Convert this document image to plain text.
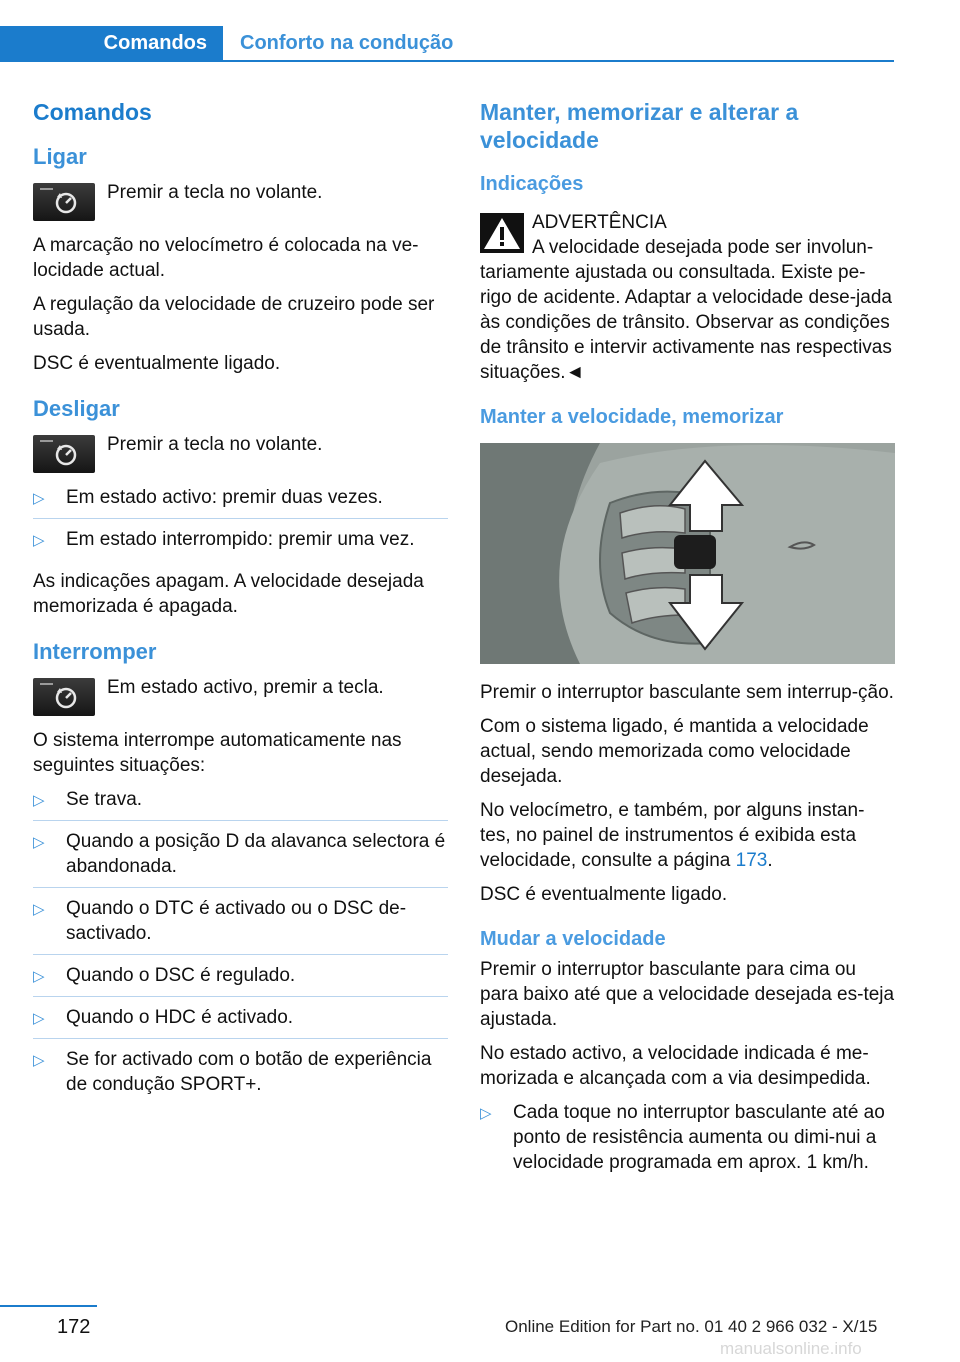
Comandos	Conforto na condução
Comandos
Ligar
Premir a tecla no volante.

A marcação no velocímetro é colocada na ve-locidade actual.

A regulação da velocidade de cruzeiro pode ser usada.

DSC é eventualmente ligado.

Desligar
Premir a tecla no volante.
▷ Em estado activo: premir duas vezes.
▷ Em estado interrompido: premir uma vez.

As indicações apagam. A velocidade desejada memorizada é apagada.

Interromper
Em estado activo, premir a tecla.

O sistema interrompe automaticamente nas seguintes situações:

▷ Se trava.
▷ Quando a posição D da alavanca selectora é abandonada.
▷ Quando o DTC é activado ou o DSC de-sactivado.
▷ Quando o DSC é regulado.
▷ Quando o HDC é activado.
▷ Se for activado com o botão de experiência de condução SPORT+.
Manter, memorizar e alterar a velocidade
Indicações
ADVERTÊNCIA
A velocidade desejada pode ser involun-

tariamente ajustada ou consultada. Existe pe-rigo de acidente. Adaptar a velocidade dese-jada às condições de trânsito. Observar as condições de trânsito e intervir activamente nas respectivas situações.◄

Manter a velocidade, memorizar

Premir o interruptor basculante sem interrup-ção.

Com o sistema ligado, é mantida a velocidade actual, sendo memorizada como velocidade desejada.

No velocímetro, e também, por alguns instan-tes, no painel de instrumentos é exibida esta velocidade, consulte a página 173.

DSC é eventualmente ligado.

Mudar a velocidade

Premir o interruptor basculante para cima ou para baixo até que a velocidade desejada es-teja ajustada.

No estado activo, a velocidade indicada é me-morizada e alcançada com a via desimpedida.

▷ Cada toque no interruptor basculante até ao ponto de resistência aumenta ou dimi-nui a velocidade programada em aprox. 1 km/h.
172	Online Edition for Part no. 01 40 2 966 032 - X/15
manualsonline.info
